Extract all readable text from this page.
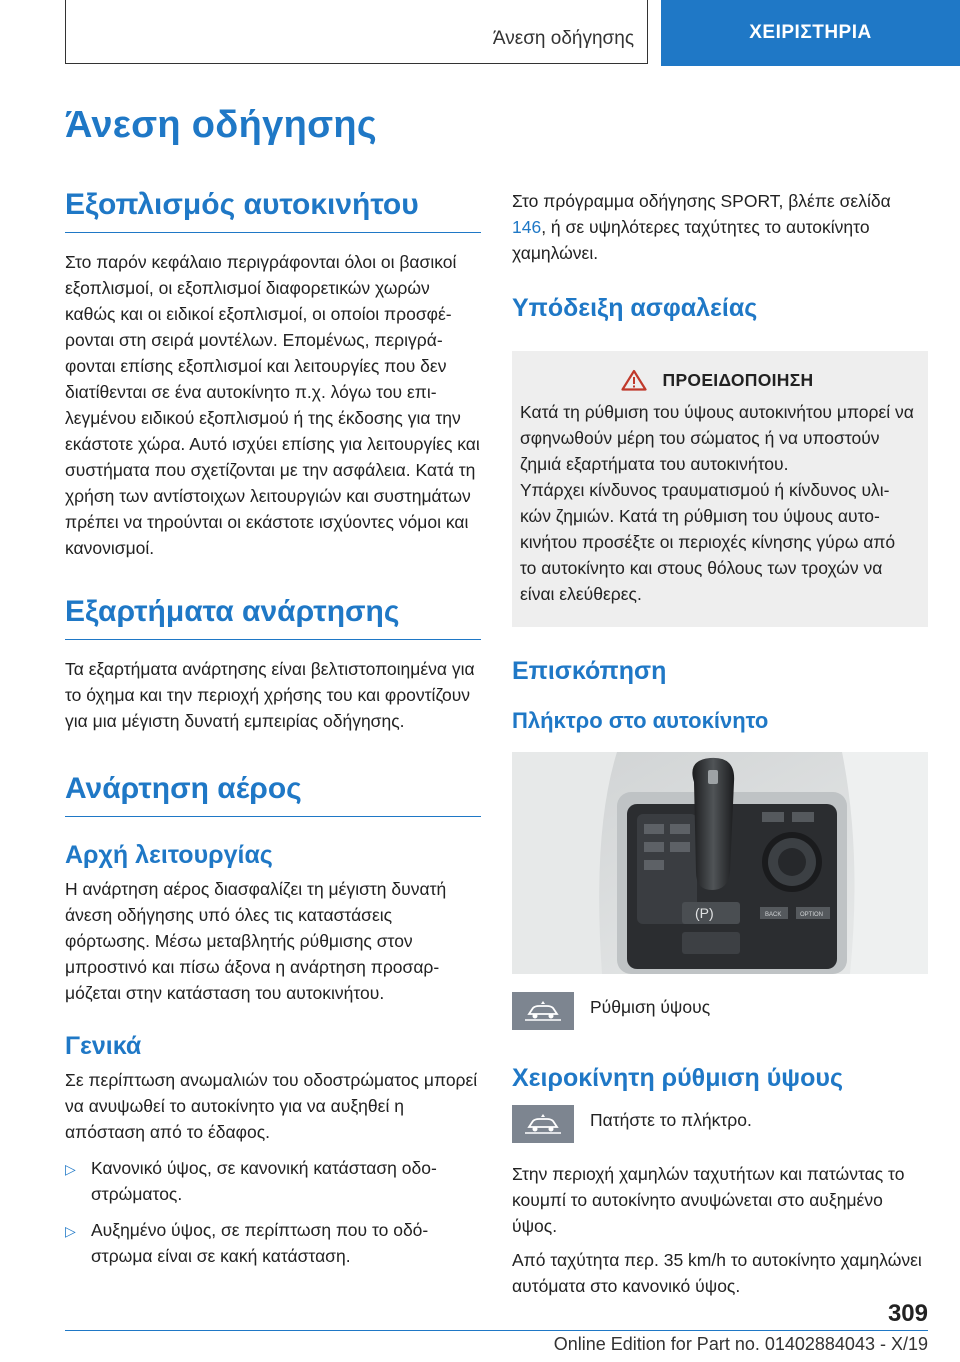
Άνεση οδήγησης	ΧΕΙΡΙΣΤΗΡΙΑ
Άνεση οδήγησης
Εξοπλισμός αυτοκινήτου

Στο παρόν κεφάλαιο περιγράφονται όλοι οι βασικοί εξοπλισμοί, οι εξοπλισμοί διαφορετικών χωρών καθώς και οι ειδικοί εξοπλισμοί, οι οποίοι προσφέρονται στη σειρά μοντέλων. Επομένως, περιγράφονται επίσης εξοπλισμοί και λειτουργίες που δεν διατίθενται σε ένα αυτοκίνητο π.χ. λόγω του επιλεγμένου ειδικού εξοπλισμού ή της έκδοσης για την εκάστοτε χώρα. Αυτό ισχύει επίσης για λειτουργίες και συστήματα που σχετίζονται με την ασφάλεια. Κατά τη χρήση των αντίστοιχων λειτουργιών και συστημάτων πρέπει να τηρούνται οι εκάστοτε ισχύοντες νόμοι και κανονισμοί.

Εξαρτήματα ανάρτησης

Τα εξαρτήματα ανάρτησης είναι βελτιστοποιημένα για το όχημα και την περιοχή χρήσης του και φροντίζουν για μια μέγιστη δυνατή εμπειρίας οδήγησης.

Ανάρτηση αέρος
Αρχή λειτουργίας

Η ανάρτηση αέρος διασφαλίζει τη μέγιστη δυνατή άνεση οδήγησης υπό όλες τις καταστάσεις φόρτωσης. Μέσω μεταβλητής ρύθμισης στον μπροστινό και πίσω άξονα η ανάρτηση προσαρμόζεται στην κατάσταση του αυτοκινήτου.

Γενικά

Σε περίπτωση ανωμαλιών του οδοστρώματος μπορεί να ανυψωθεί το αυτοκίνητο για να αυξηθεί η απόσταση από το έδαφος.

▷ Κανονικό ύψος, σε κανονική κατάσταση οδοστρώματος.
▷ Αυξημένο ύψος, σε περίπτωση που το οδόστρωμα είναι σε κακή κατάσταση.

Στο πρόγραμμα οδήγησης SPORT, βλέπε σελίδα 146, ή σε υψηλότερες ταχύτητες το αυτοκίνητο χαμηλώνει.

Υπόδειξη ασφαλείας
ΠΡΟΕΙΔΟΠΟΙΗΣΗ

Κατά τη ρύθμιση του ύψους αυτοκινήτου μπορεί να σφηνωθούν μέρη του σώματος ή να υποστούν ζημιά εξαρτήματα του αυτοκινήτου.

Υπάρχει κίνδυνος τραυματισμού ή κίνδυνος υλικών ζημιών. Κατά τη ρύθμιση του ύψους αυτοκινήτου προσέξτε οι περιοχές κίνησης γύρω από το αυτοκίνητο και στους θόλους των τροχών να είναι ελεύθερες.

Επισκόπηση
Πλήκτρο στο αυτοκίνητο
BACK	OPTION
(P)

Ρύθμιση ύψους

Χειροκίνητη ρύθμιση ύψους

Πατήστε το πλήκτρο.

Στην περιοχή χαμηλών ταχυτήτων και πατώντας το κουμπί το αυτοκίνητο ανυψώνεται στο αυξημένο ύψος.

Από ταχύτητα περ. 35 km/h το αυτοκίνητο χαμηλώνει αυτόματα στο κανονικό ύψος.

309
Online Edition for Part no. 01402884043 - X/19
